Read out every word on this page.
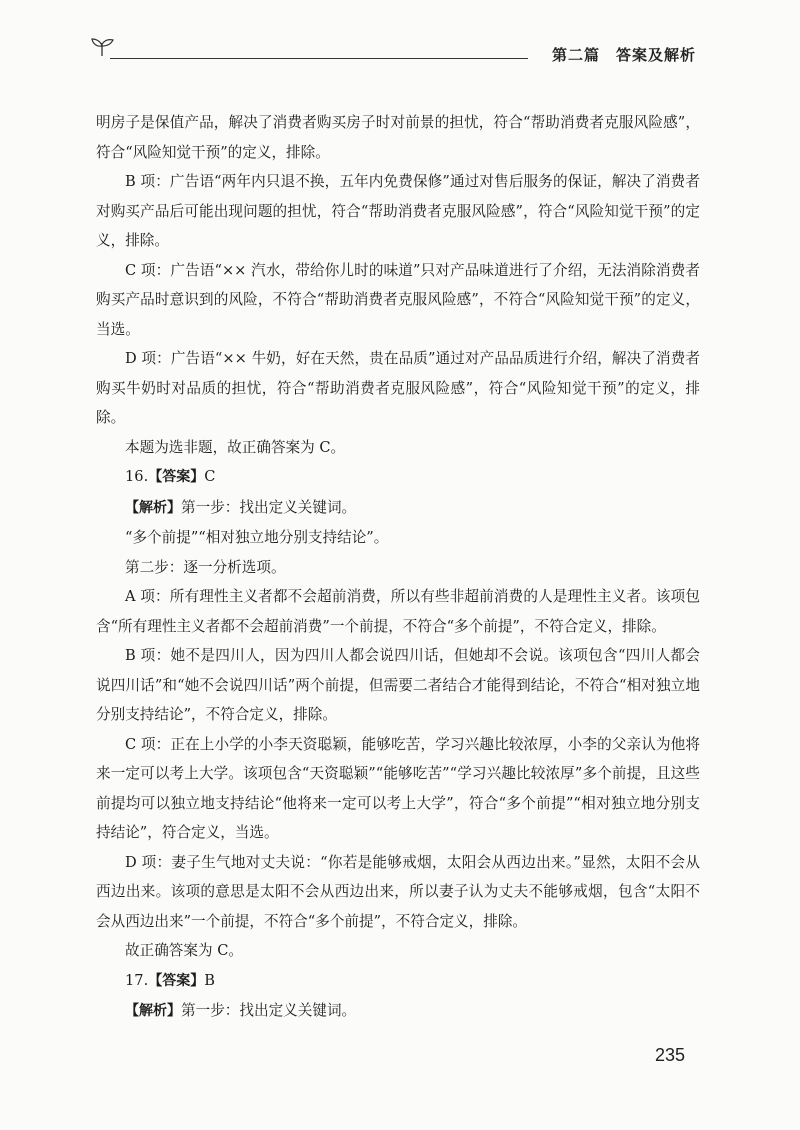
第二篇　答案及解析

明房子是保值产品，解决了消费者购买房子时对前景的担忧，符合“帮助消费者克服风险感”，符合“风险知觉干预”的定义，排除。

B 项：广告语“两年内只退不换，五年内免费保修”通过对售后服务的保证，解决了消费者对购买产品后可能出现问题的担忧，符合“帮助消费者克服风险感”，符合“风险知觉干预”的定义，排除。

C 项：广告语“×× 汽水，带给你儿时的味道”只对产品味道进行了介绍，无法消除消费者购买产品时意识到的风险，不符合“帮助消费者克服风险感”，不符合“风险知觉干预”的定义，当选。

D 项：广告语“×× 牛奶，好在天然，贵在品质”通过对产品品质进行介绍，解决了消费者购买牛奶时对品质的担忧，符合“帮助消费者克服风险感”，符合“风险知觉干预”的定义，排除。

本题为选非题，故正确答案为 C。

16.【答案】C

【解析】第一步：找出定义关键词。

“多个前提”“相对独立地分别支持结论”。

第二步：逐一分析选项。

A 项：所有理性主义者都不会超前消费，所以有些非超前消费的人是理性主义者。该项包含“所有理性主义者都不会超前消费”一个前提，不符合“多个前提”，不符合定义，排除。

B 项：她不是四川人，因为四川人都会说四川话，但她却不会说。该项包含“四川人都会说四川话”和“她不会说四川话”两个前提，但需要二者结合才能得到结论，不符合“相对独立地分别支持结论”，不符合定义，排除。

C 项：正在上小学的小李天资聪颖，能够吃苦，学习兴趣比较浓厚，小李的父亲认为他将来一定可以考上大学。该项包含“天资聪颖”“能够吃苦”“学习兴趣比较浓厚”多个前提，且这些前提均可以独立地支持结论“他将来一定可以考上大学”，符合“多个前提”“相对独立地分别支持结论”，符合定义，当选。

D 项：妻子生气地对丈夫说：“你若是能够戒烟，太阳会从西边出来。”显然，太阳不会从西边出来。该项的意思是太阳不会从西边出来，所以妻子认为丈夫不能够戒烟，包含“太阳不会从西边出来”一个前提，不符合“多个前提”，不符合定义，排除。

故正确答案为 C。

17.【答案】B

【解析】第一步：找出定义关键词。

235
